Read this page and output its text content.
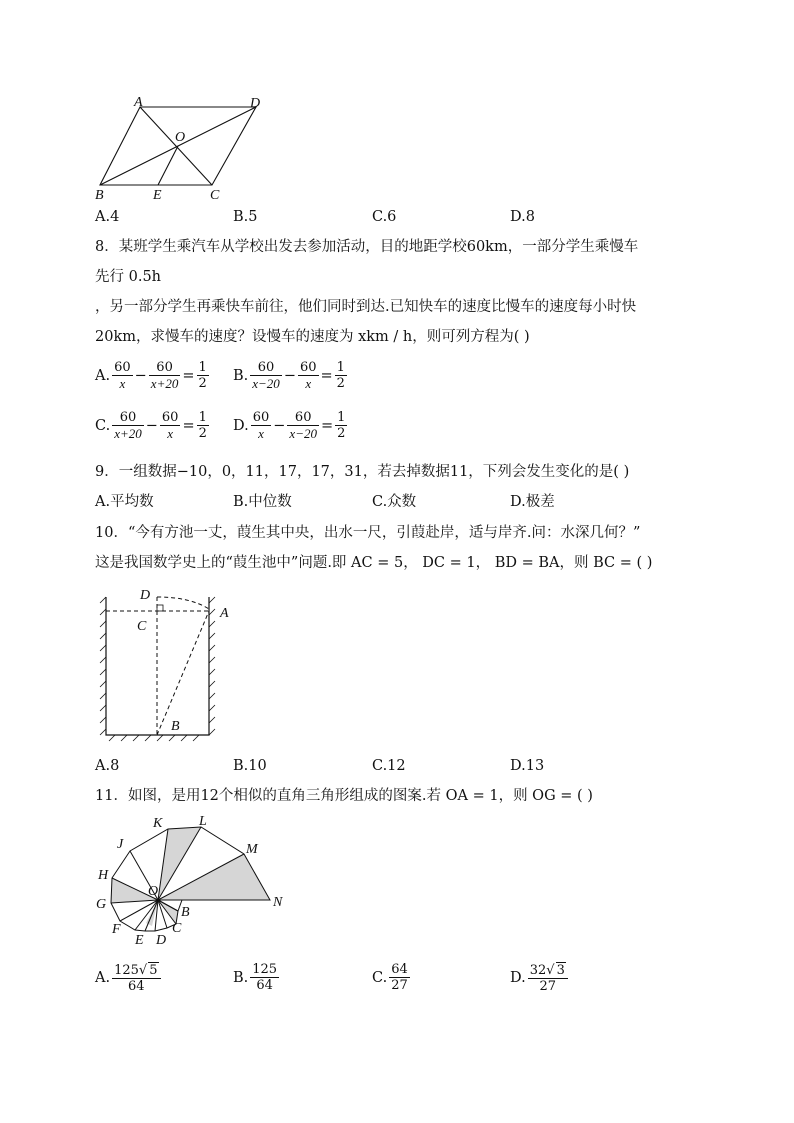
A	D
O
B	E	C
A.4	B.5	C.6	D.8
8．某班学生乘汽车从学校出发去参加活动，目的地距学校60km，一部分学生乘慢车
先行 0.5h
，另一部分学生再乘快车前往，他们同时到达.已知快车的速度比慢车的速度每小时快
20km，求慢车的速度？设慢车的速度为 xkm / h，则可列方程为( )
A. $\frac{60}{x} - \frac{60}{x+20} = \frac{1}{2} B$. $\frac{60}{x-20} - \frac{60}{x} = \frac{1}{2}$
C. $\frac{60}{x+20} - \frac{60}{x} = \frac{1}{2} D$. $\frac{60}{x} - \frac{60}{x-20} = \frac{1}{2}$
9．一组数据−10，0，11，17，17，31，若去掉数据11，下列会发生变化的是( )
A.平均数	B.中位数	C.众数	D.极差
10．“今有方池一丈，葭生其中央，出水一尺，引葭赴岸，适与岸齐.问：水深几何？”
这是我国数学史上的“葭生池中”问题.即 AC = 5， DC = 1， BD = BA，则 BC = ( )
D
C
A
B
A.8	B.10	C.12	D.13
11．如图，是用12个相似的直角三角形组成的图案.若 OA = 1，则 OG = ( )
K	L
J	M
H
O
G	N
B
F	C
E D
A. $\frac{125√ 5}{64}$	B. $\frac{125}{64}$	C. $\frac{64}{27}$	D. $\frac{32√ 3}{27}$
